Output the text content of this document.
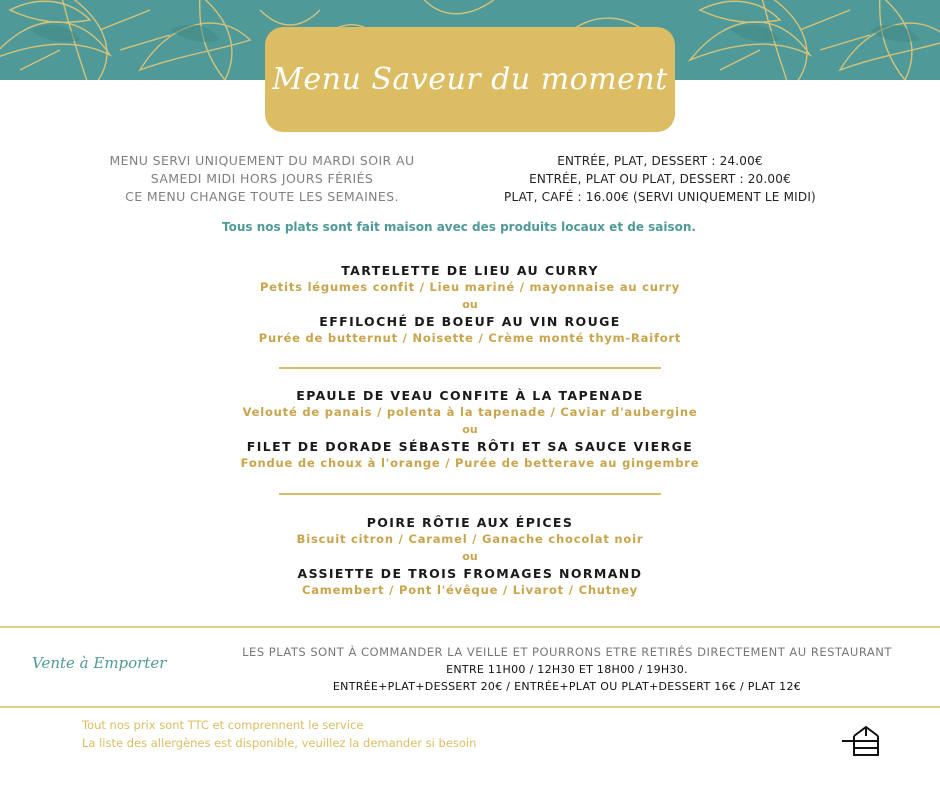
Menu Saveur du moment
MENU SERVI UNIQUEMENT DU MARDI SOIR AU
SAMEDI MIDI HORS JOURS FÉRIÉS
CE MENU CHANGE TOUTE LES SEMAINES.
ENTRÉE, PLAT, DESSERT : 24.00€
ENTRÉE, PLAT OU PLAT, DESSERT : 20.00€
PLAT, CAFÉ : 16.00€ (SERVI UNIQUEMENT LE MIDI)
Tous nos plats sont fait maison avec des produits locaux et de saison.
TARTELETTE DE LIEU AU CURRY
Petits légumes confit / Lieu mariné / mayonnaise au curry
ou
EFFILOCHÉ DE BOEUF AU VIN ROUGE
Purée de butternut / Noisette / Crème monté thym-Raifort
EPAULE DE VEAU CONFITE À LA TAPENADE
Velouté de panais / polenta à la tapenade / Caviar d'aubergine
ou
FILET DE DORADE SÉBASTE RÔTI ET SA SAUCE VIERGE
Fondue de choux à l'orange / Purée de betterave au gingembre
POIRE RÔTIE AUX ÉPICES
Biscuit citron / Caramel / Ganache chocolat noir
ou
ASSIETTE DE TROIS FROMAGES NORMAND
Camembert / Pont l'évêque / Livarot / Chutney
Vente à Emporter
LES PLATS SONT À COMMANDER LA VEILLE ET POURRONS ETRE RETIRÉS DIRECTEMENT AU RESTAURANT
ENTRE 11H00 / 12H30 ET 18H00 / 19H30.
ENTRÉE+PLAT+DESSERT 20€ / ENTRÉE+PLAT OU PLAT+DESSERT 16€ / PLAT 12€
Tout nos prix sont TTC et comprennent le service
La liste des allergènes est disponible, veuillez la demander si besoin
